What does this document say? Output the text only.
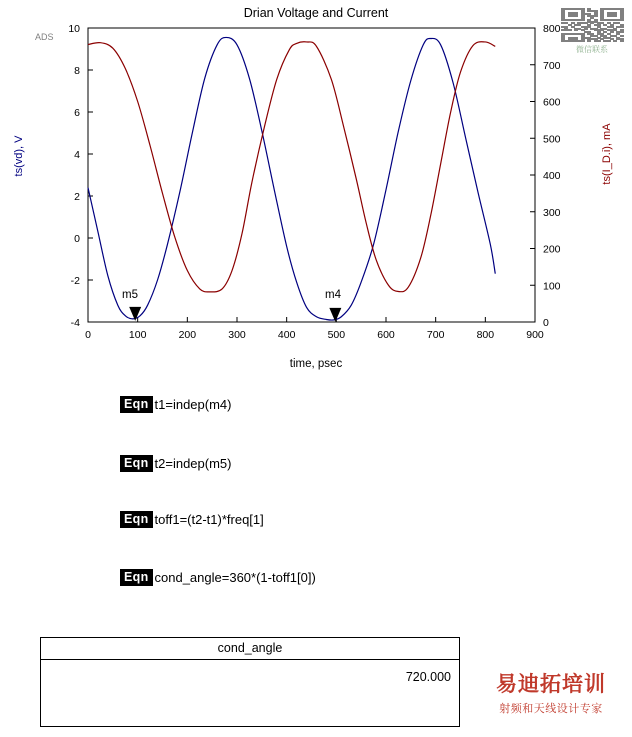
Drian Voltage and Current
ADS
ts(vd), V	ts(I_D.i), mA
time, psec
m5	m4
0	100	200	300	400	500	600	700	800	900
-4
-2
0
2
4
6
8
10
0
100
200
300
400
500
600
700
800
Eqn t1=indep(m4)
Eqn t2=indep(m5)
Eqn toff1=(t2-t1)*freq[1]
Eqn cond_angle=360*(1-toff1[0])
cond_angle
720.000
微信联系
易迪拓培训
射频和天线设计专家
